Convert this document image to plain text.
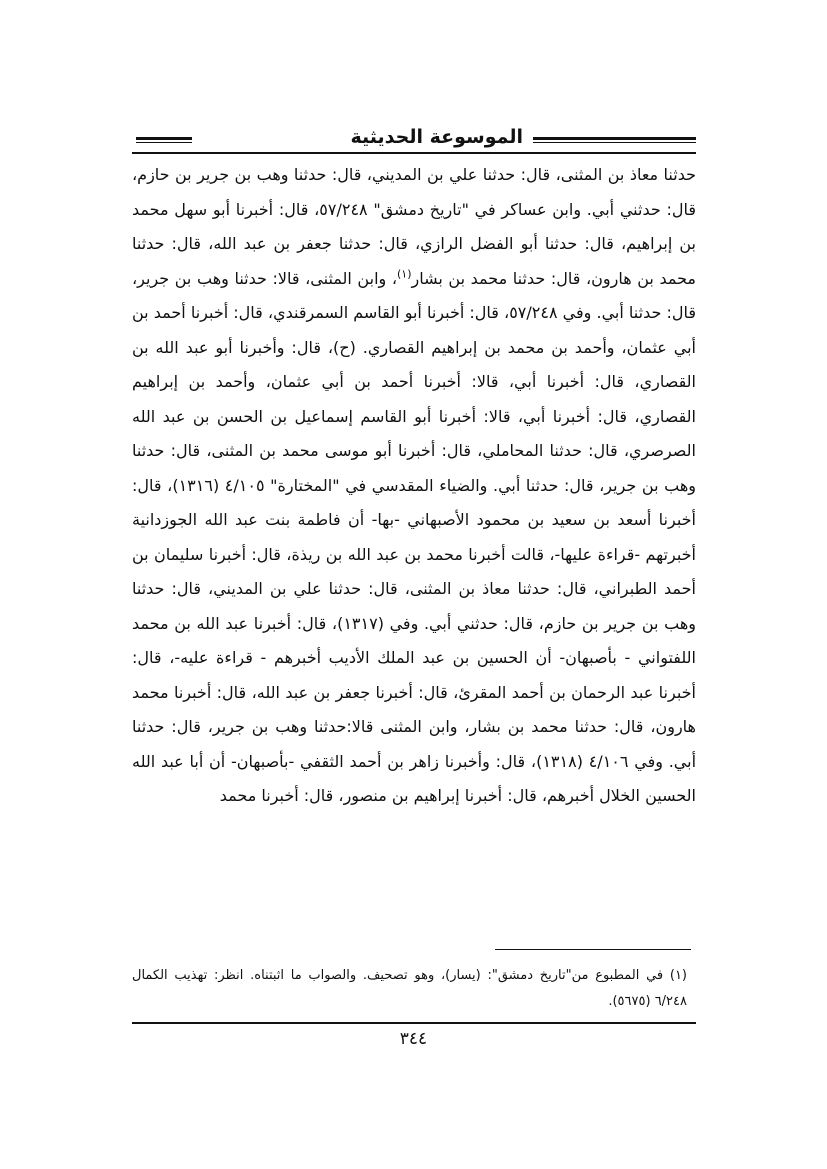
الموسوعة الحديثية

حدثنا معاذ بن المثنى، قال: حدثنا علي بن المديني، قال: حدثنا وهب بن جرير بن حازم، قال: حدثني أبي. وابن عساكر في "تاريخ دمشق" ٥٧/٢٤٨، قال: أخبرنا أبو سهل محمد بن إبراهيم، قال: حدثنا أبو الفضل الرازي، قال: حدثنا جعفر بن عبد الله، قال: حدثنا محمد بن هارون، قال: حدثنا محمد بن بشار$^{(١)}$، وابن المثنى، قالا: حدثنا وهب بن جرير، قال: حدثنا أبي. وفي ٥٧/٢٤٨، قال: أخبرنا أبو القاسم السمرقندي، قال: أخبرنا أحمد بن أبي عثمان، وأحمد بن محمد بن إبراهيم القصاري. (ح)، قال: وأخبرنا أبو عبد الله بن القصاري، قال: أخبرنا أبي، قالا: أخبرنا أحمد بن أبي عثمان، وأحمد بن إبراهيم القصاري، قال: أخبرنا أبي، قالا: أخبرنا أبو القاسم إسماعيل بن الحسن بن عبد الله الصرصري، قال: حدثنا المحاملي، قال: أخبرنا أبو موسى محمد بن المثنى، قال: حدثنا وهب بن جرير، قال: حدثنا أبي. والضياء المقدسي في "المختارة" ٤/١٠٥ (١٣١٦)، قال: أخبرنا أسعد بن سعيد بن محمود الأصبهاني -بها- أن فاطمة بنت عبد الله الجوزدانية أخبرتهم -قراءة عليها-، قالت أخبرنا محمد بن عبد الله بن ريذة، قال: أخبرنا سليمان بن أحمد الطبراني، قال: حدثنا معاذ بن المثنى، قال: حدثنا علي بن المديني، قال: حدثنا وهب بن جرير بن حازم، قال: حدثني أبي. وفي (١٣١٧)، قال: أخبرنا عبد الله بن محمد اللفتواني - بأصبهان- أن الحسين بن عبد الملك الأديب أخبرهم - قراءة عليه-، قال: أخبرنا عبد الرحمان بن أحمد المقرئ، قال: أخبرنا جعفر بن عبد الله، قال: أخبرنا محمد هارون، قال: حدثنا محمد بن بشار، وابن المثنى قالا:حدثنا وهب بن جرير، قال: حدثنا أبي. وفي ٤/١٠٦ (١٣١٨)، قال: وأخبرنا زاهر بن أحمد الثقفي -بأصبهان- أن أبا عبد الله الحسين الخلال أخبرهم، قال: أخبرنا إبراهيم بن منصور، قال: أخبرنا محمد

(١) في المطبوع من"تاريخ دمشق": (يسار)، وهو تصحيف. والصواب ما اثبتناه. انظر: تهذيب الكمال ٦/٢٤٨ (٥٦٧٥).

٣٤٤
